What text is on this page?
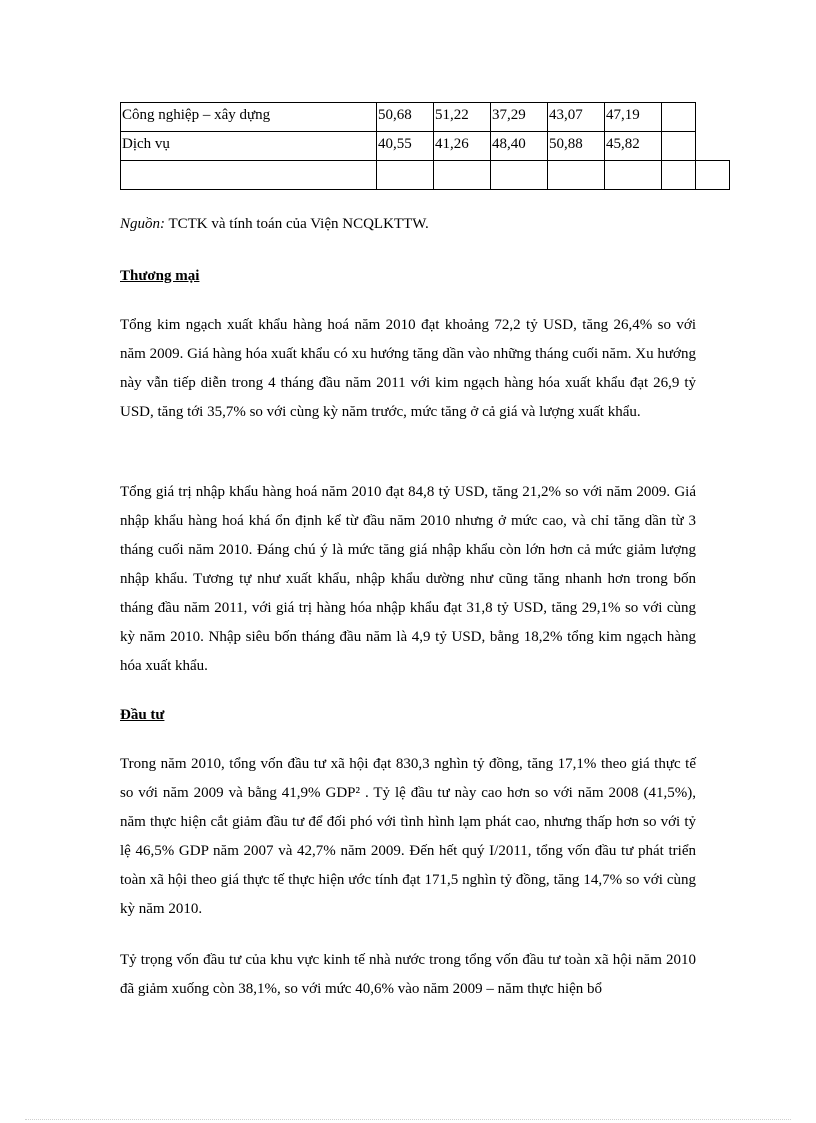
Công nghiệp – xây dựng	50,68	51,22	37,29	43,07	47,19		
Dịch vụ	40,55	41,26	48,40	50,88	45,82		

Nguồn: TCTK và tính toán của Viện NCQLKTTW.
Thương mại

Tổng kim ngạch xuất khẩu hàng hoá năm 2010 đạt khoảng 72,2 tỷ USD, tăng 26,4% so với năm 2009. Giá hàng hóa xuất khẩu có xu hướng tăng dần vào những tháng cuối năm. Xu hướng này vẫn tiếp diễn trong 4 tháng đầu năm 2011 với kim ngạch hàng hóa xuất khẩu đạt 26,9 tỷ USD, tăng tới 35,7% so với cùng kỳ năm trước, mức tăng ở cả giá và lượng xuất khẩu.

Tổng giá trị nhập khẩu hàng hoá năm 2010 đạt 84,8 tỷ USD, tăng 21,2% so với năm 2009. Giá nhập khẩu hàng hoá khá ổn định kể từ đầu năm 2010 nhưng ở mức cao, và chỉ tăng dần từ 3 tháng cuối năm 2010. Đáng chú ý là mức tăng giá nhập khẩu còn lớn hơn cả mức giảm lượng nhập khẩu. Tương tự như xuất khẩu, nhập khẩu dường như cũng tăng nhanh hơn trong bốn tháng đầu năm 2011, với giá trị hàng hóa nhập khẩu đạt 31,8 tỷ USD, tăng 29,1% so với cùng kỳ năm 2010. Nhập siêu bốn tháng đầu năm là 4,9 tỷ USD, bằng 18,2% tổng kim ngạch hàng hóa xuất khẩu.

Đầu tư

Trong năm 2010, tổng vốn đầu tư xã hội đạt 830,3 nghìn tỷ đồng, tăng 17,1% theo giá thực tế so với năm 2009 và bằng 41,9% GDP² . Tỷ lệ đầu tư này cao hơn so với năm 2008 (41,5%), năm thực hiện cắt giảm đầu tư để đối phó với tình hình lạm phát cao, nhưng thấp hơn so với tỷ lệ 46,5% GDP năm 2007 và 42,7% năm 2009. Đến hết quý I/2011, tổng vốn đầu tư phát triển toàn xã hội theo giá thực tế thực hiện ước tính đạt 171,5 nghìn tỷ đồng, tăng 14,7% so với cùng kỳ năm 2010.

Tỷ trọng vốn đầu tư của khu vực kinh tế nhà nước trong tổng vốn đầu tư toàn xã hội năm 2010 đã giảm xuống còn 38,1%, so với mức 40,6% vào năm 2009 – năm thực hiện bổ
